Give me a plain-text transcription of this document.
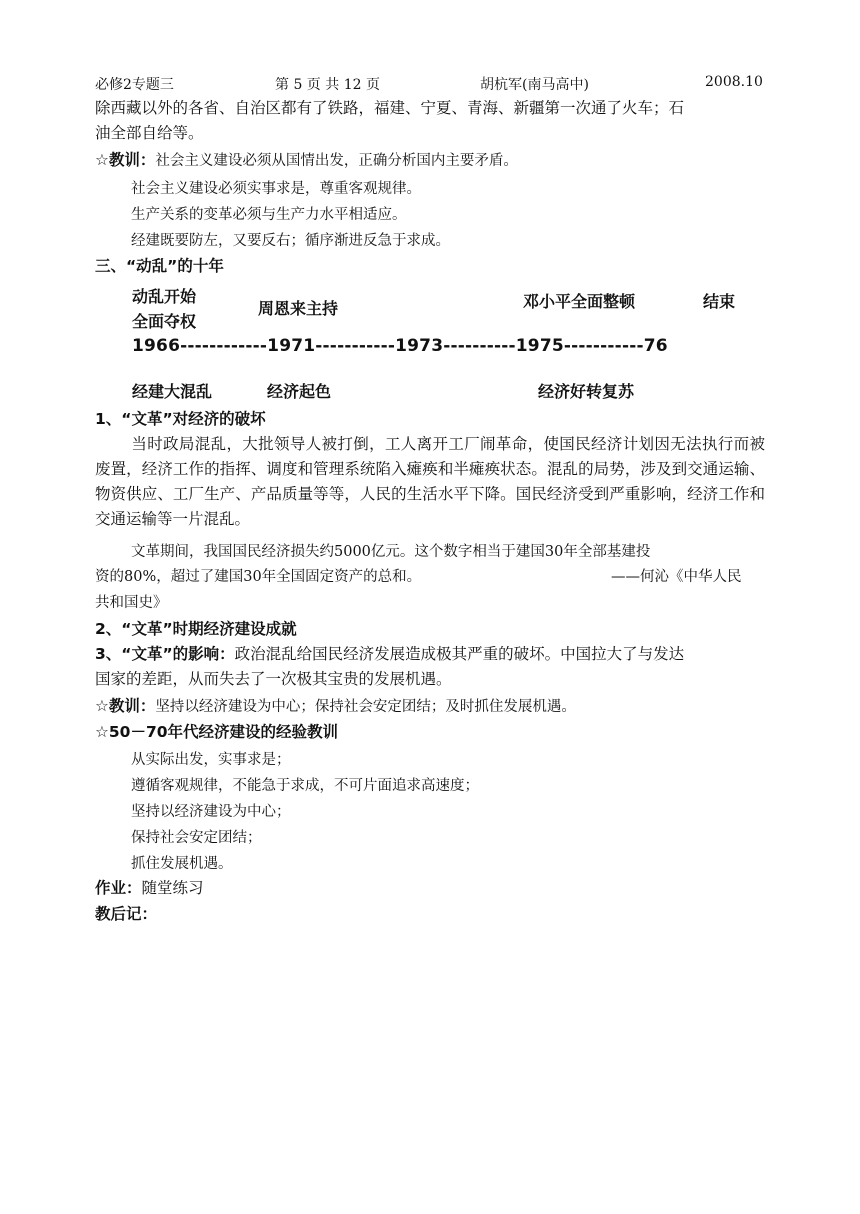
必修2专题三	第 5 页 共 12 页	胡杭军(南马高中)	2008.10
除西藏以外的各省、自治区都有了铁路，福建、宁夏、青海、新疆第一次通了火车；石
油全部自给等。
☆教训：社会主义建设必须从国情出发，正确分析国内主要矛盾。
社会主义建设必须实事求是，尊重客观规律。
生产关系的变革必须与生产力水平相适应。
经建既要防左，又要反右；循序渐进反急于求成。
三、“动乱”的十年
动乱开始
全面夺权
周恩来主持	邓小平全面整顿	结束
1966------------1971-----------1973----------1975-----------76
经建大混乱	经济起色	经济好转复苏
1、“文革”对经济的破坏
当时政局混乱，大批领导人被打倒，工人离开工厂闹革命，使国民经济计划因无法执行而被废置，经济工作的指挥、调度和管理系统陷入瘫痪和半瘫痪状态。混乱的局势，涉及到交通运输、物资供应、工厂生产、产品质量等等，人民的生活水平下降。国民经济受到严重影响，经济工作和交通运输等一片混乱。
文革期间，我国国民经济损失约5000亿元。这个数字相当于建国30年全部基建投
资的80%，超过了建国30年全国固定资产的总和。	——何沁《中华人民
共和国史》
2、“文革”时期经济建设成就
3、“文革”的影响：政治混乱给国民经济发展造成极其严重的破坏。中国拉大了与发达
国家的差距，从而失去了一次极其宝贵的发展机遇。
☆教训：坚持以经济建设为中心；保持社会安定团结；及时抓住发展机遇。
☆50－70年代经济建设的经验教训
从实际出发，实事求是；
遵循客观规律，不能急于求成，不可片面追求高速度；
坚持以经济建设为中心；
保持社会安定团结；
抓住发展机遇。
作业：随堂练习
教后记：
